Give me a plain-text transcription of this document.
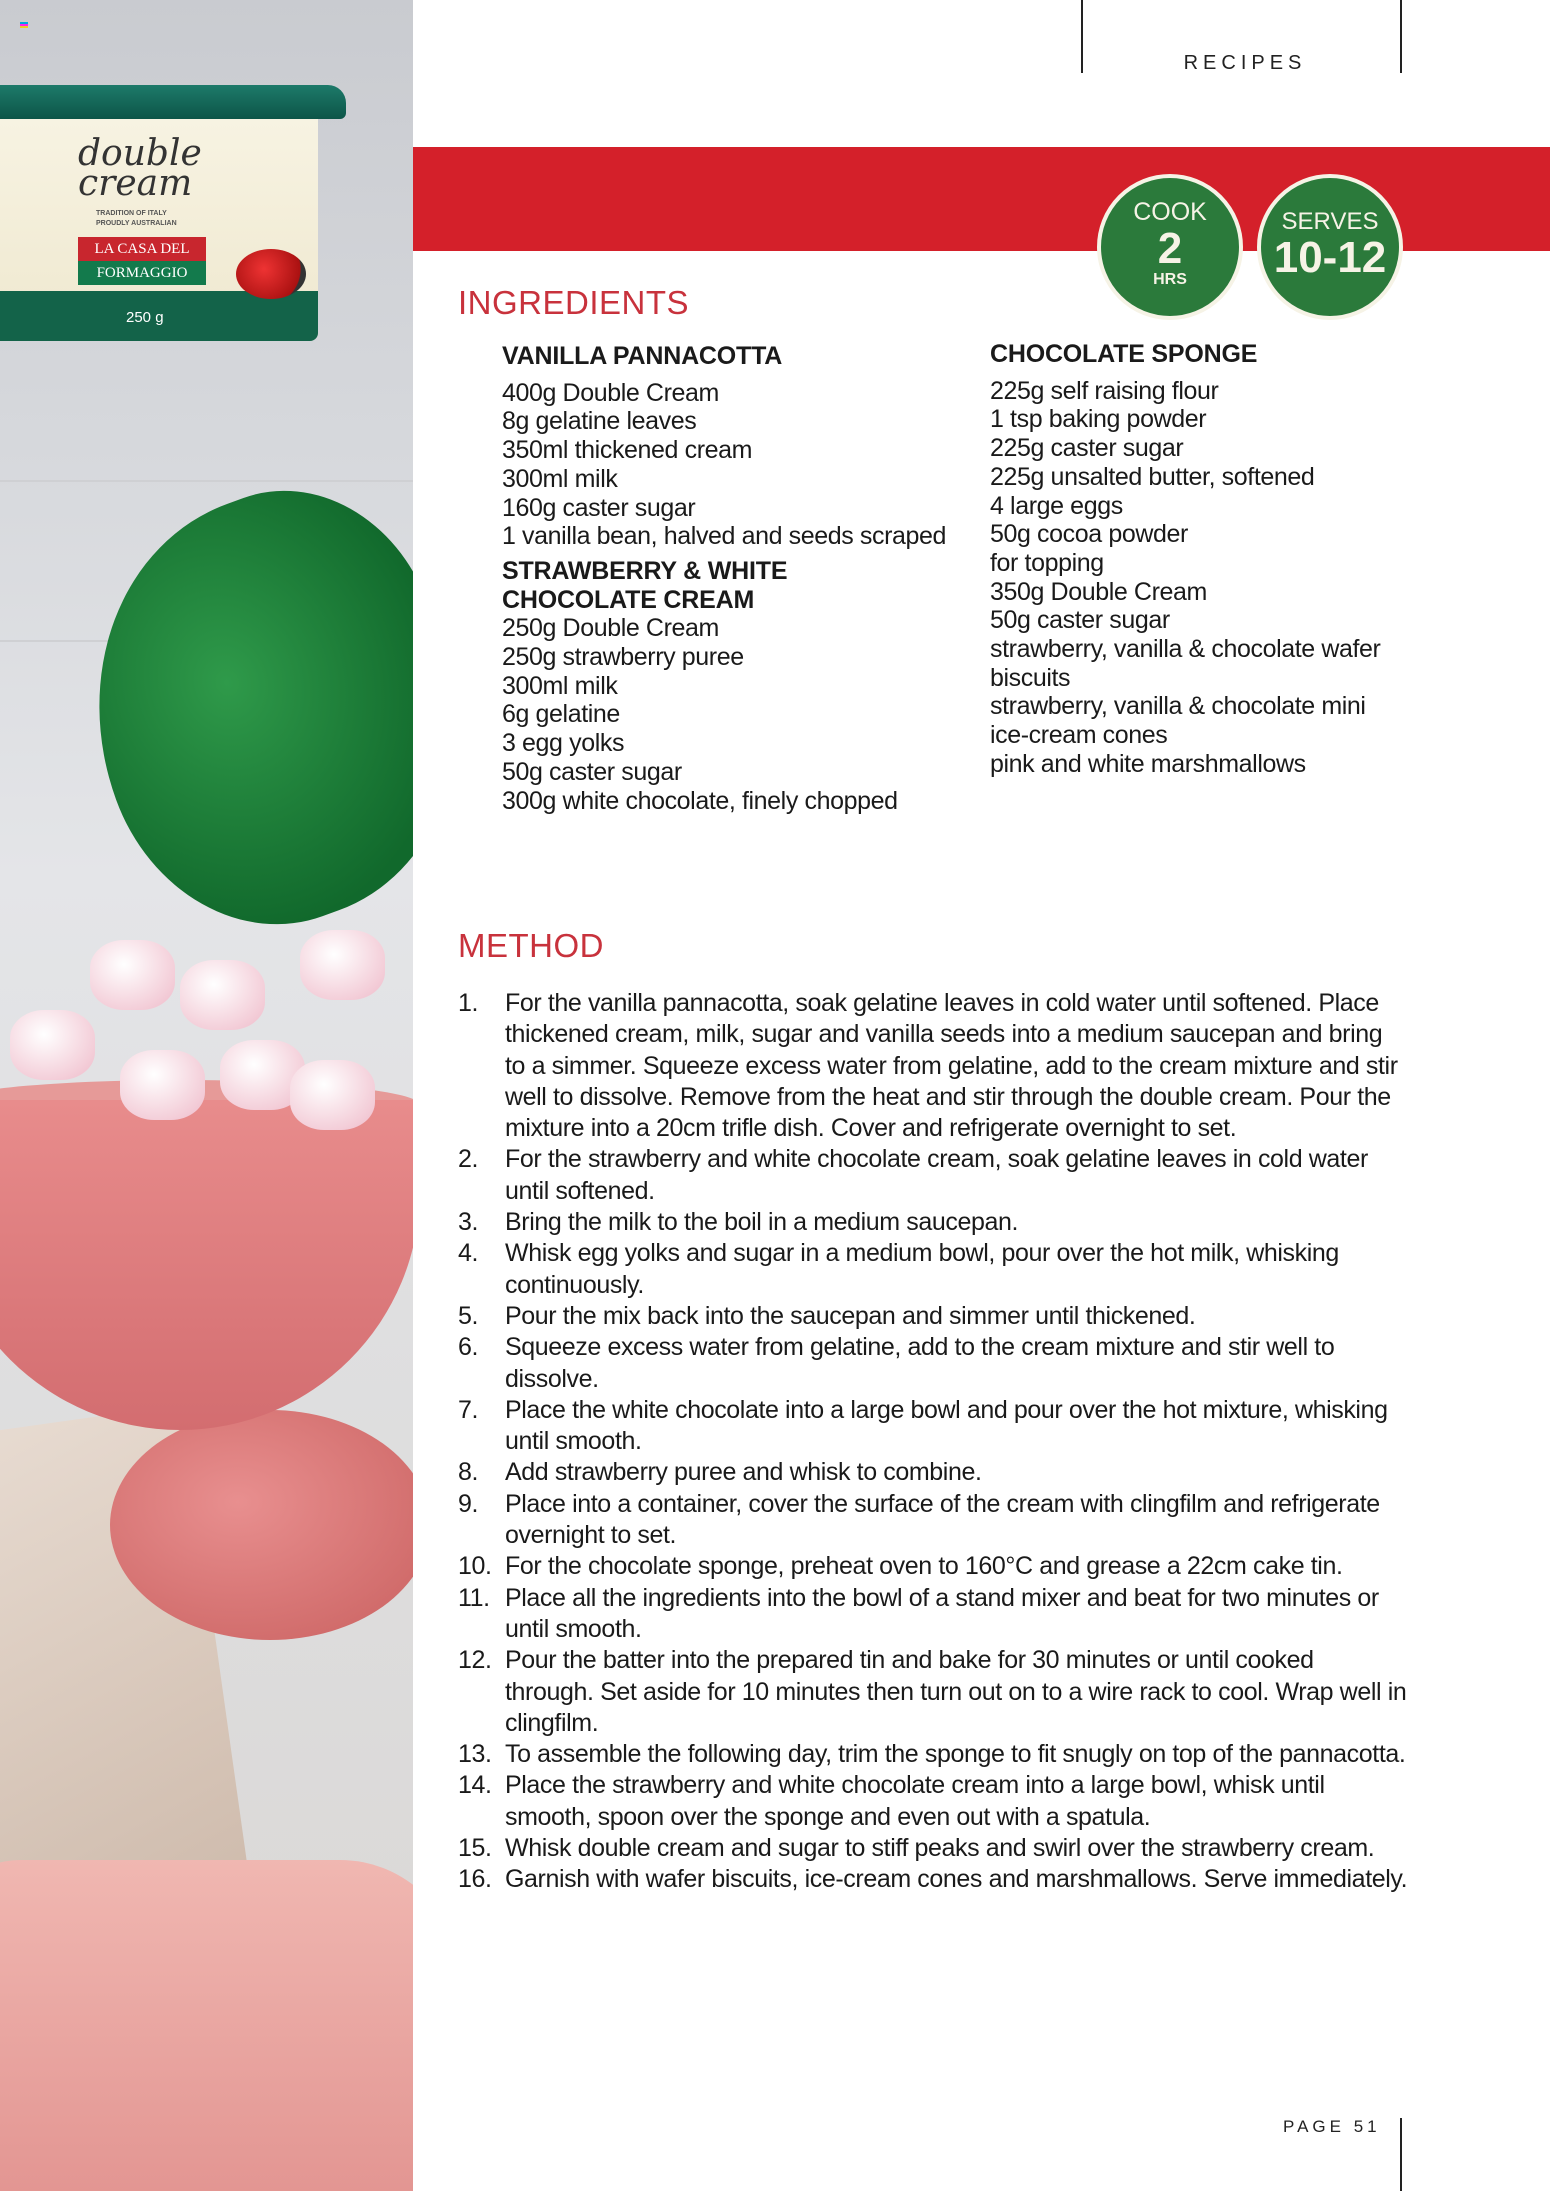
double
cream
TRADITION OF ITALY
PROUDLY AUSTRALIAN
LA CASA DEL
FORMAGGIO
250 g
RECIPES
COOK
2
HRS
SERVES
10-12
INGREDIENTS
VANILLA PANNACOTTA
400g Double Cream
8g gelatine leaves
350ml thickened cream
300ml milk
160g caster sugar
1 vanilla bean, halved and seeds scraped
STRAWBERRY & WHITE CHOCOLATE CREAM
250g Double Cream
250g strawberry puree
300ml milk
6g gelatine
3 egg yolks
50g caster sugar
300g white chocolate, finely chopped
CHOCOLATE SPONGE
225g self raising flour
1 tsp baking powder
225g caster sugar
225g unsalted butter, softened
4 large eggs
50g cocoa powder
for topping
350g Double Cream
50g caster sugar
strawberry, vanilla & chocolate wafer biscuits
strawberry, vanilla & chocolate mini ice-cream cones
pink and white marshmallows
METHOD
1.	For the vanilla pannacotta, soak gelatine leaves in cold water until softened. Place thickened cream, milk, sugar and vanilla seeds into a medium saucepan and bring to a simmer. Squeeze excess water from gelatine, add to the cream mixture and stir well to dissolve. Remove from the heat and stir through the double cream. Pour the mixture into a 20cm trifle dish. Cover and refrigerate overnight to set.
2.	For the strawberry and white chocolate cream, soak gelatine leaves in cold water until softened.
3.	Bring the milk to the boil in a medium saucepan.
4.	Whisk egg yolks and sugar in a medium bowl, pour over the hot milk, whisking continuously.
5.	Pour the mix back into the saucepan and simmer until thickened.
6.	Squeeze excess water from gelatine, add to the cream mixture and stir well to dissolve.
7.	Place the white chocolate into a large bowl and pour over the hot mixture, whisking until smooth.
8.	Add strawberry puree and whisk to combine.
9.	Place into a container, cover the surface of the cream with clingfilm and refrigerate overnight to set.
10. For the chocolate sponge, preheat oven to 160°C and grease a 22cm cake tin.
11. Place all the ingredients into the bowl of a stand mixer and beat for two minutes or until smooth.
12. Pour the batter into the prepared tin and bake for 30 minutes or until cooked through. Set aside for 10 minutes then turn out on to a wire rack to cool. Wrap well in clingfilm.
13. To assemble the following day, trim the sponge to fit snugly on top of the pannacotta.
14. Place the strawberry and white chocolate cream into a large bowl, whisk until smooth, spoon over the sponge and even out with a spatula.
15. Whisk double cream and sugar to stiff peaks and swirl over the strawberry cream.
16. Garnish with wafer biscuits, ice-cream cones and marshmallows. Serve immediately.
PAGE 51
